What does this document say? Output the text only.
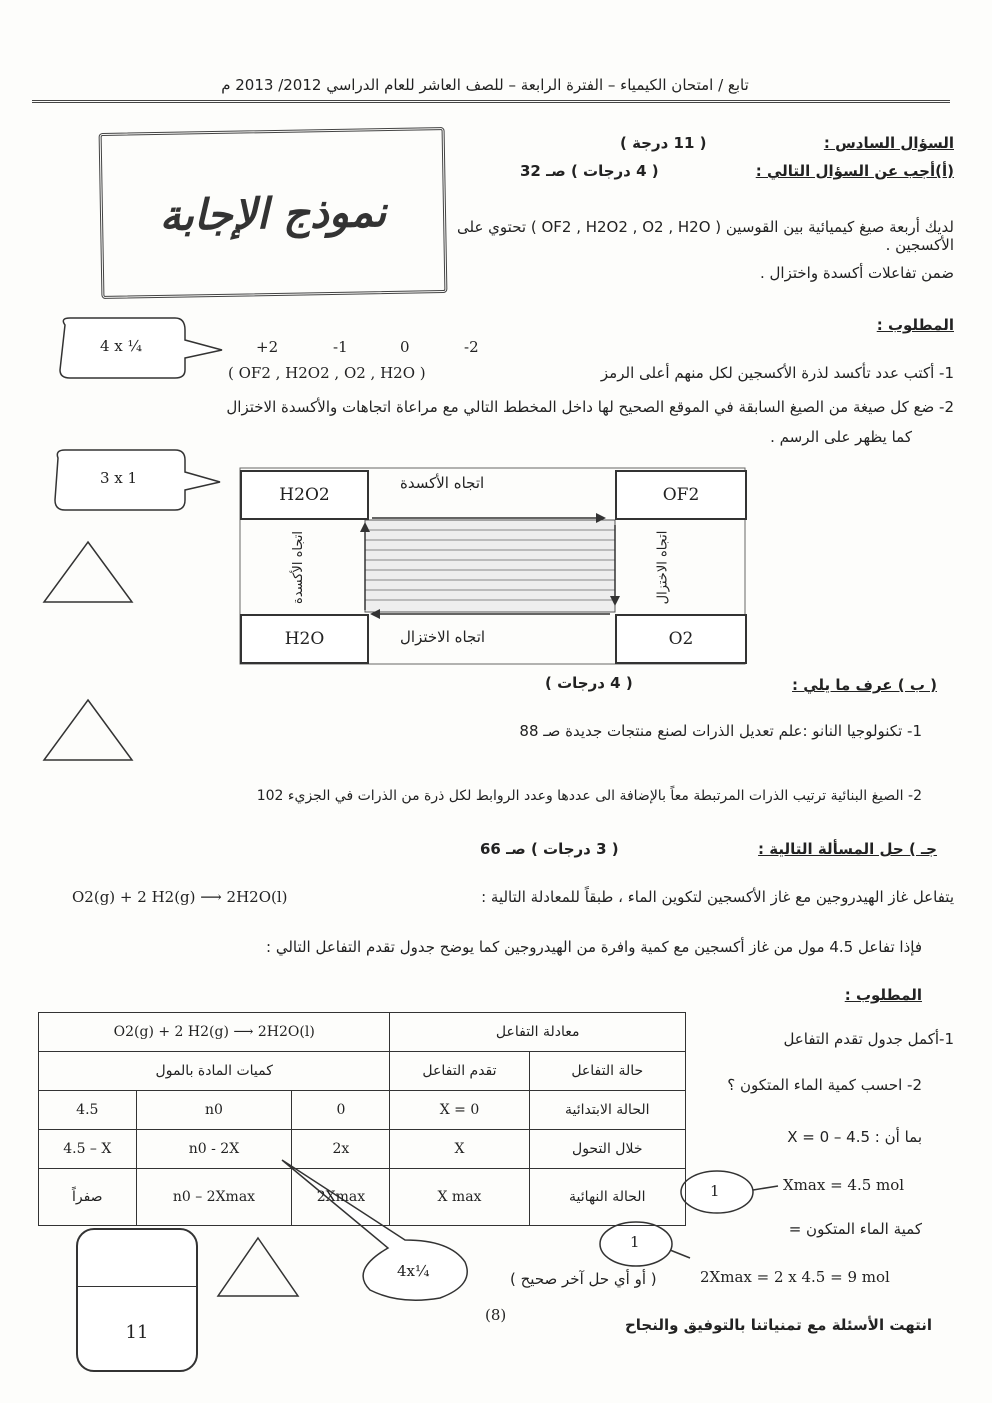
تابع / امتحان الكيمياء – الفترة الرابعة – للصف العاشر للعام الدراسي 2012/ 2013 م
نموذج الإجابة
السؤال السادس :
( 11 درجة )
(أ)أجب عن السؤال التالي :
( 4 درجات ) صـ 32
لديك أربعة صيغ كيميائية بين القوسين ( OF2 , H2O2 , O2 , H2O ) تحتوي على الأكسجين .
ضمن تفاعلات أكسدة واختزال .
المطلوب :
4 x ¼
3 x 1
+2	-1	0	-2
1- أكتب عدد تأكسد لذرة الأكسجين لكل منهم أعلى الرمز
( OF2 , H2O2 , O2 , H2O )
2- ضع كل صيغة من الصيغ السابقة في الموقع الصحيح لها داخل المخطط التالي مع مراعاة اتجاهات والأكسدة الاختزال
كما يظهر على الرسم .
H2O2	OF2
H2O	O2
اتجاه الأكسدة
اتجاه الاختزال
اتجاه الأكسدة	اتجاه الاختزال
( ب ) عرف ما يلي :
( 4 درجات )
1- تكنولوجيا النانو :علم تعديل الذرات لصنع منتجات جديدة صـ 88
2- الصيغ البنائية ترتيب الذرات المرتبطة معاً بالإضافة الى عددها وعدد الروابط لكل ذرة من الذرات في الجزيء 102
جـ ) حل المسألة التالية :
( 3 درجات ) صـ 66
يتفاعل غاز الهيدروجين مع غاز الأكسجين لتكوين الماء ، طبقاً للمعادلة التالية :
O2(g) + 2 H2(g) ⟶ 2H2O(l)
فإذا تفاعل 4.5 مول من غاز أكسجين مع كمية وافرة من الهيدروجين كما يوضح جدول تقدم التفاعل التالي :
المطلوب :
1-أكمل جدول تقدم التفاعل
2- احسب كمية الماء المتكون ؟
بما أن : 4.5 – X = 0
Xmax = 4.5 mol
كمية الماء المتكون =
2Xmax = 2 x 4.5 = 9 mol
( أو أي حل آخر صحيح )
1
1
4x¼
O2(g) + 2 H2(g) ⟶ 2H2O(l)			معادلة التفاعل	
كميات المادة بالمول			تقدم التفاعل	حالة التفاعل
4.5	n0	0	X = 0	الحالة الابتدائية
4.5 – X	n0 - 2X	2x	X	خلال التحول
صفراً	n0 – 2Xmax	2Xmax	X max	الحالة النهائية
11	انتهت الأسئلة مع تمنياتنا بالتوفيق والنجاح
(8)
